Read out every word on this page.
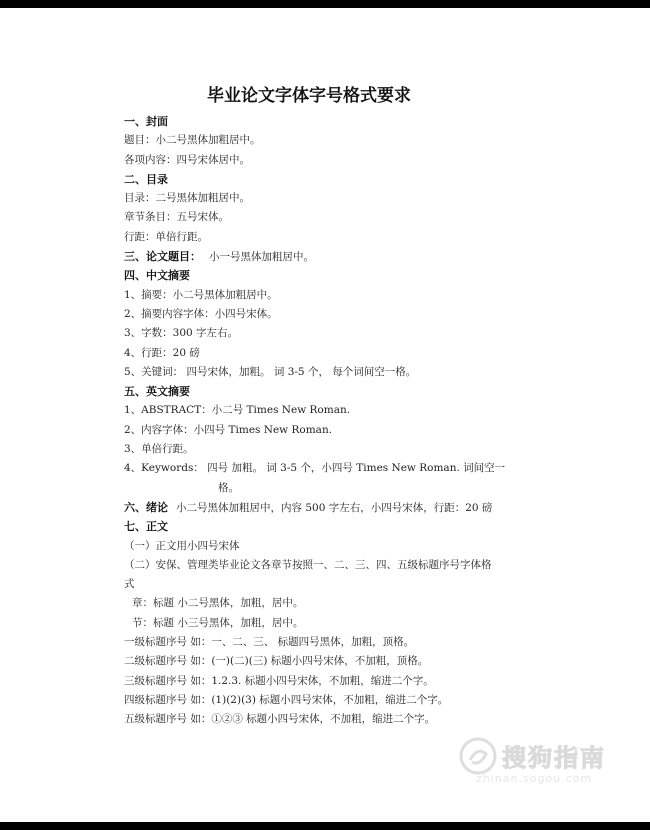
毕业论文字体字号格式要求
一、封面
题目：小二号黑体加粗居中。
各项内容：四号宋体居中。
二、目录
目录：二号黑体加粗居中。
章节条目：五号宋体。
行距：单倍行距。
三、论文题目： 小一号黑体加粗居中。
四、中文摘要
1、摘要：小二号黑体加粗居中。
2、摘要内容字体：小四号宋体。
3、字数：300 字左右。
4、行距：20 磅
5、关键词： 四号宋体，加粗。 词 3-5 个， 每个词间空一格。
五、英文摘要
1、ABSTRACT：小二号 Times New Roman.
2、内容字体：小四号 Times New Roman.
3、单倍行距。
4、Keywords： 四号 加粗。 词 3-5 个，小四号 Times New Roman. 词间空一
格。
六、绪论 小二号黑体加粗居中，内容 500 字左右，小四号宋体，行距：20 磅
七、正文
（一）正文用小四号宋体
（二）安保、管理类毕业论文各章节按照一、二、三、四、五级标题序号字体格
式
章：标题 小二号黑体，加粗，居中。
节：标题 小三号黑体，加粗，居中。
一级标题序号 如：一、二、三、 标题四号黑体，加粗，顶格。
二级标题序号 如：(一)(二)(三) 标题小四号宋体，不加粗，顶格。
三级标题序号 如：1.2.3. 标题小四号宋体，不加粗，缩进二个字。
四级标题序号 如：(1)(2)(3) 标题小四号宋体，不加粗，缩进二个字。
五级标题序号 如：①②③ 标题小四号宋体，不加粗，缩进二个字。
搜狗指南
zhinan.sogou.com
